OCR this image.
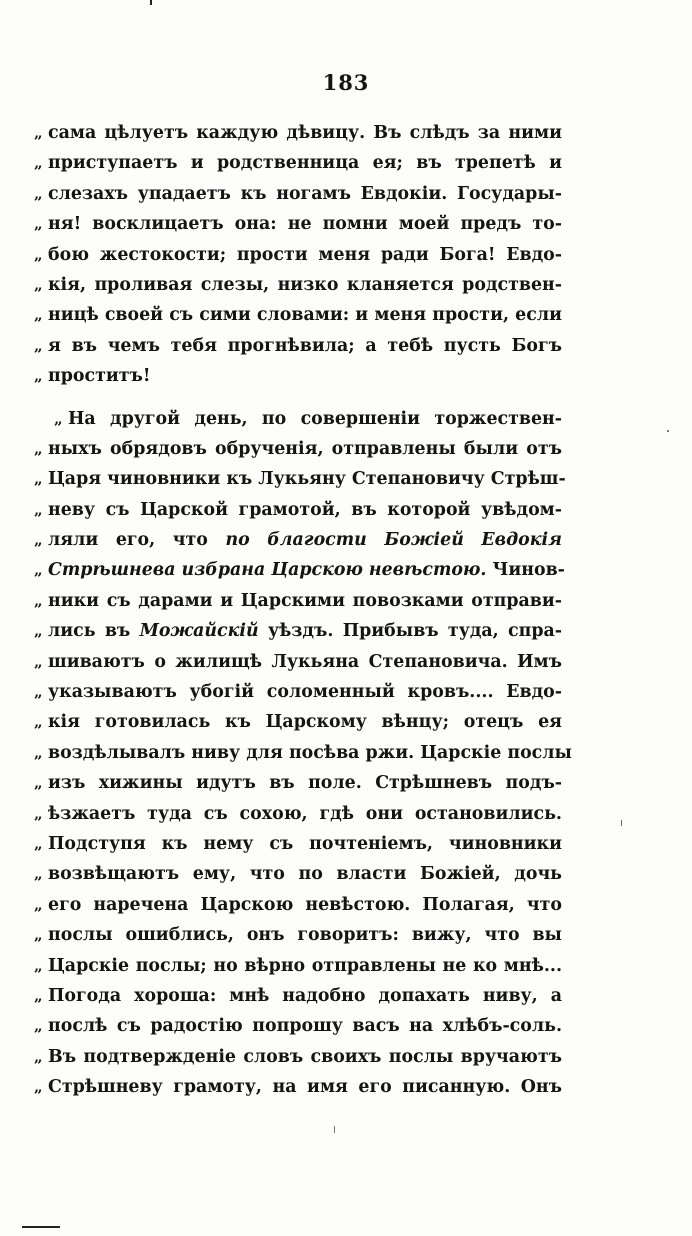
183
„ сама цѣлуетъ каждую дѣвицу. Въ слѣдъ за ними
„ приступаетъ и родственница ея; въ трепетѣ и
„ слезахъ упадаетъ къ ногамъ Евдокіи. Государы-
„ ня! восклицаетъ она: не помни моей предъ то-
„ бою жестокости; прости меня ради Бога! Евдо-
„ кія, проливая слезы, низко кланяется родствен-
„ ницѣ своей съ сими словами: и меня прости, если
„ я въ чемъ тебя прогнѣвила; а тебѣ пусть Богъ
„ проститъ!
„ На другой день, по совершеніи торжествен-
„ ныхъ обрядовъ обрученія, отправлены были отъ
„ Царя чиновники къ Лукьяну Степановичу Стрѣш-
„ неву съ Царской грамотой, въ которой увѣдом-
„ ляли его, что по благости Божіей Евдокія
„ Стрѣшнева избрана Царскою невѣстою. Чинов-
„ ники съ дарами и Царскими повозками отправи-
„ лись въ Можайскій уѣздъ. Прибывъ туда, спра-
„ шиваютъ о жилищѣ Лукьяна Степановича. Имъ
„ указываютъ убогій соломенный кровъ.... Евдо-
„ кія готовилась къ Царскому вѣнцу; отецъ ея
„ воздѣлывалъ ниву для посѣва ржи. Царскіе послы
„ изъ хижины идутъ въ поле. Стрѣшневъ подъ-
„ ѣзжаетъ туда съ сохою, гдѣ они остановились.
„ Подступя къ нему съ почтеніемъ, чиновники
„ возвѣщаютъ ему, что по власти Божіей, дочь
„ его наречена Царскою невѣстою. Полагая, что
„ послы ошиблись, онъ говоритъ: вижу, что вы
„ Царскіе послы; но вѣрно отправлены не ко мнѣ...
„ Погода хороша: мнѣ надобно допахать ниву, а
„ послѣ съ радостію попрошу васъ на хлѣбъ-соль.
„ Въ подтвержденіе словъ своихъ послы вручаютъ
„ Стрѣшневу грамоту, на имя его писанную. Онъ
